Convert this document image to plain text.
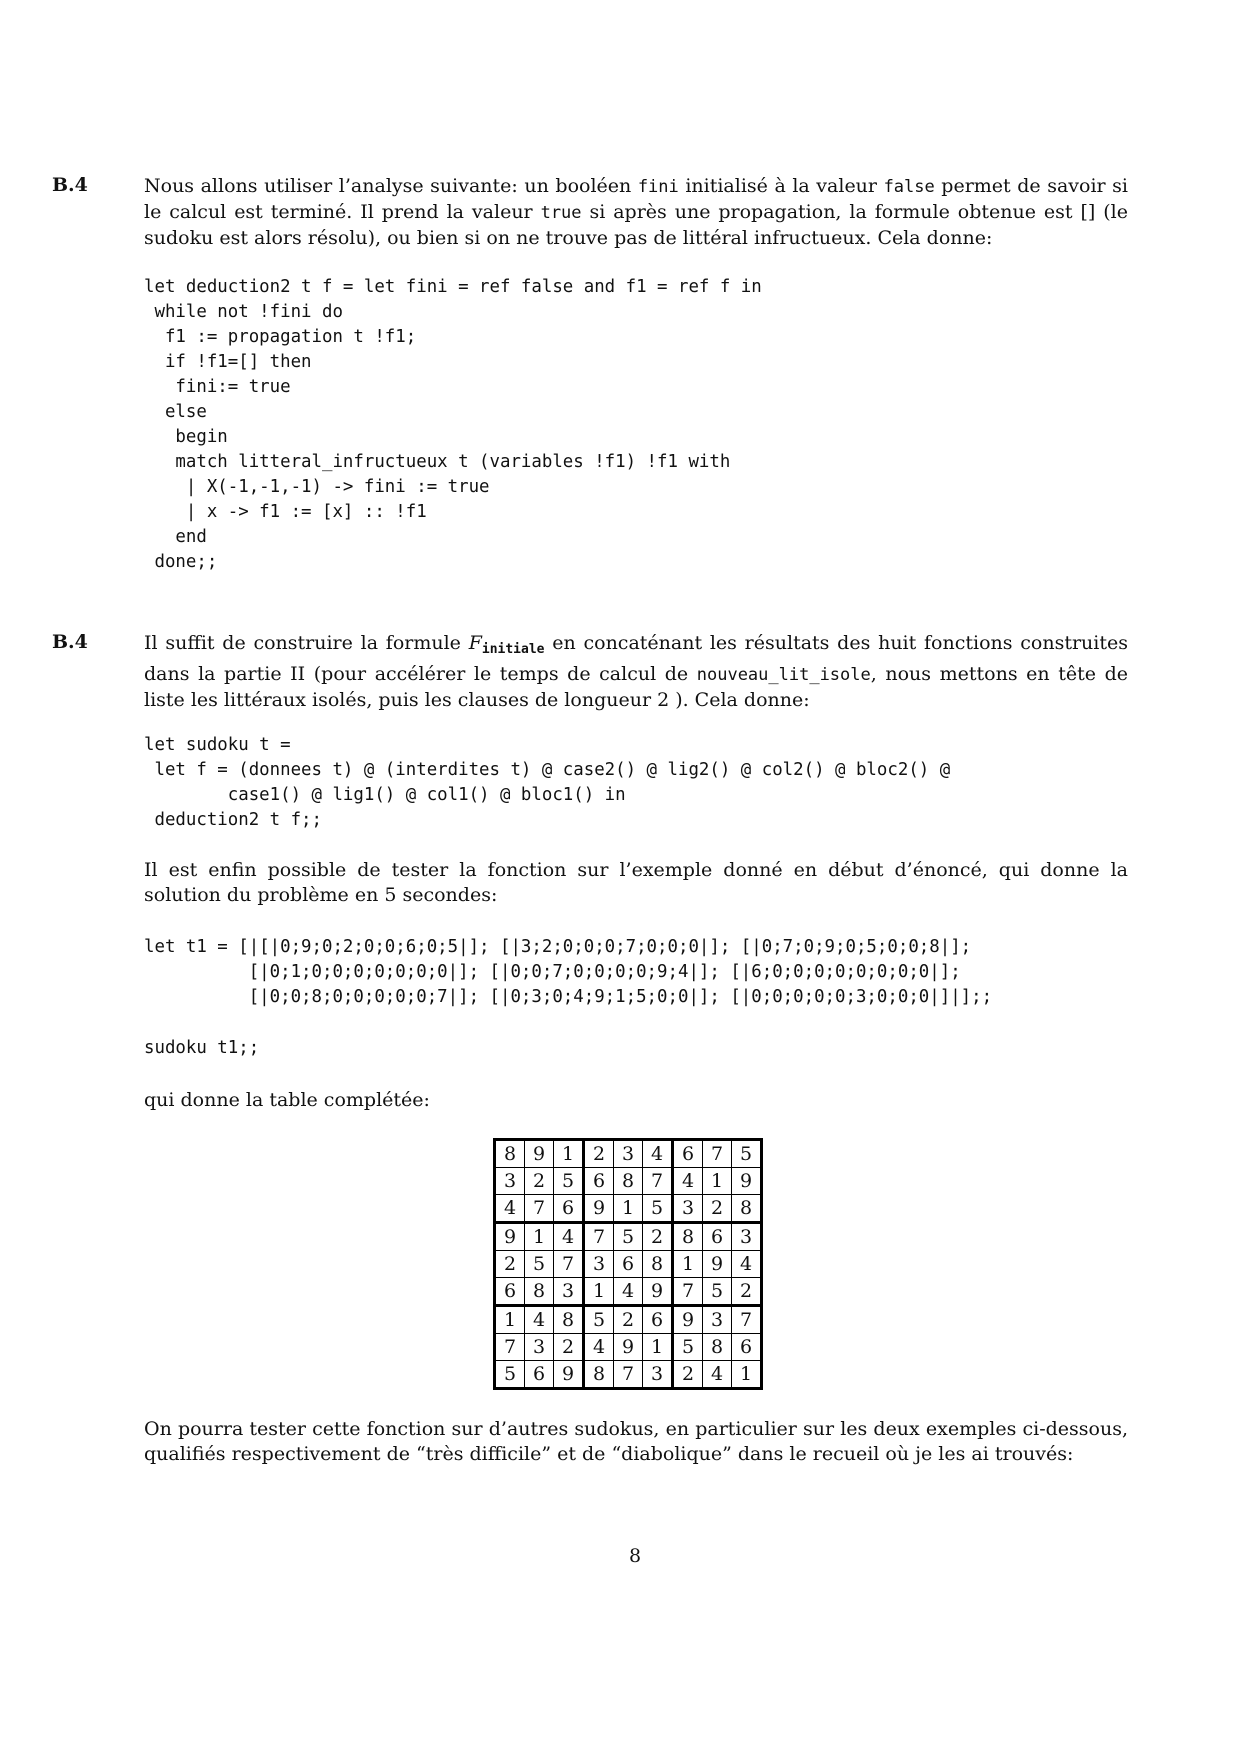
B.4	Nous allons utiliser l’analyse suivante: un booléen fini initialisé à la valeur false permet de savoir si le calcul est terminé. Il prend la valeur true si après une propagation, la formule obtenue est [] (le sudoku est alors résolu), ou bien si on ne trouve pas de littéral infructueux. Cela donne:
let deduction2 t f = let fini = ref false and f1 = ref f in
while not !fini do
f1 := propagation t !f1;
if !f1=[] then
fini:= true
else
begin
match litteral_infructueux t (variables !f1) !f1 with
| X(-1,-1,-1) -> fini := true
| x -> f1 := [x] :: !f1
end
done;;
B.4	Il suffit de construire la formule $F_{initiale}$ en concaténant les résultats des huit fonctions construites dans la partie II (pour accélérer le temps de calcul de nouveau_lit_isole, nous mettons en tête de liste les littéraux isolés, puis les clauses de longueur 2 ). Cela donne:
let sudoku t =
let f = (donnees t) @ (interdites t) @ case2() @ lig2() @ col2() @ bloc2() @
case1() @ lig1() @ col1() @ bloc1() in
deduction2 t f;;
Il est enfin possible de tester la fonction sur l’exemple donné en début d’énoncé, qui donne la solution du problème en 5 secondes:
let t1 = [|[|0;9;0;2;0;0;6;0;5|]; [|3;2;0;0;0;7;0;0;0|]; [|0;7;0;9;0;5;0;0;8|];
[|0;1;0;0;0;0;0;0;0|]; [|0;0;7;0;0;0;0;9;4|]; [|6;0;0;0;0;0;0;0;0|];
[|0;0;8;0;0;0;0;0;7|]; [|0;3;0;4;9;1;5;0;0|]; [|0;0;0;0;0;3;0;0;0|]|];;
sudoku t1;;
qui donne la table complétée:
8	9	1	2	3	4	6	7	5
3	2	5	6	8	7	4	1	9
4	7	6	9	1	5	3	2	8
9	1	4	7	5	2	8	6	3
2	5	7	3	6	8	1	9	4
6	8	3	1	4	9	7	5	2
1	4	8	5	2	6	9	3	7
7	3	2	4	9	1	5	8	6
5	6	9	8	7	3	2	4	1
On pourra tester cette fonction sur d’autres sudokus, en particulier sur les deux exemples ci-dessous, qualifiés respectivement de “très difficile” et de “diabolique” dans le recueil où je les ai trouvés:
8
